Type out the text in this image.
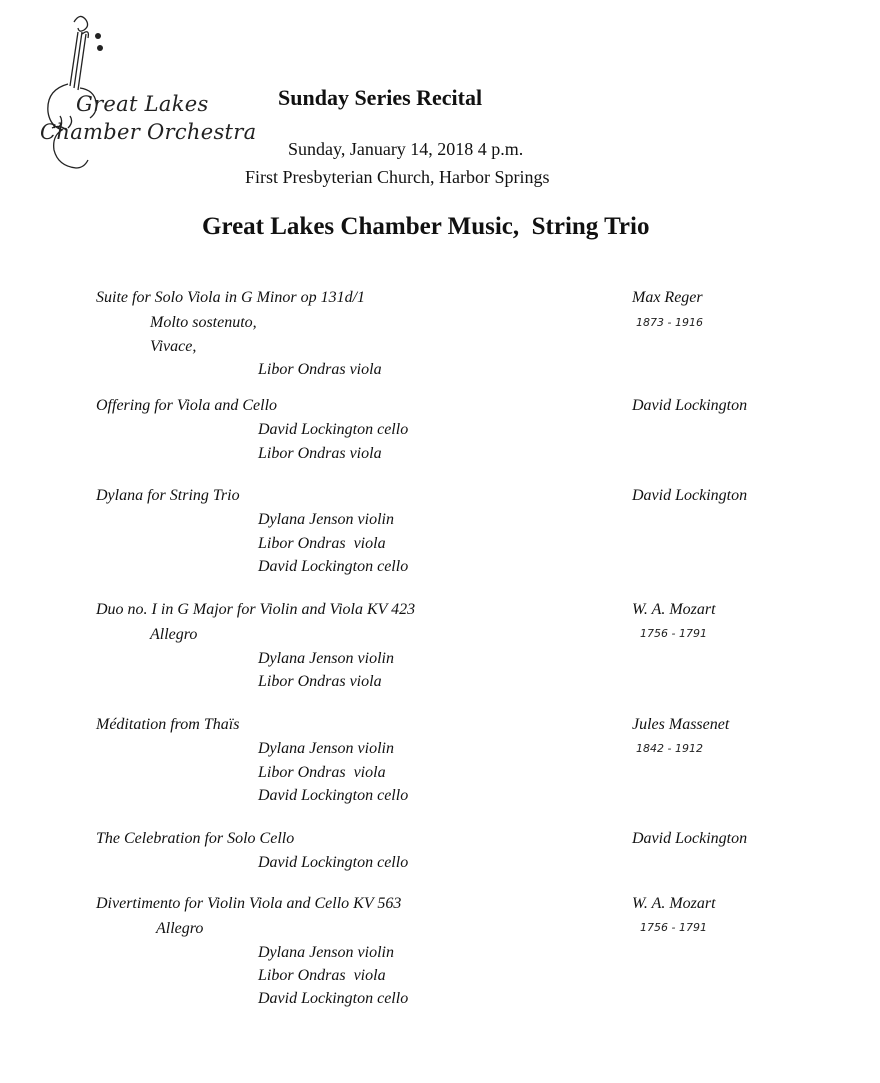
Great Lakes
Chamber Orchestra
Sunday Series Recital
Sunday, January 14, 2018 4 p.m.
First Presbyterian Church, Harbor Springs
Great Lakes Chamber Music,  String Trio
Suite for Solo Viola in G Minor op 131d/1	Max Reger
1873 - 1916
Molto sostenuto,
Vivace,
Libor Ondras viola
Offering for Viola and Cello	David Lockington
David Lockington cello
Libor Ondras viola
Dylana for String Trio	David Lockington
Dylana Jenson violin
Libor Ondras  viola
David Lockington cello
Duo no. I in G Major for Violin and Viola KV 423	W. A. Mozart
1756 - 1791
Allegro
Dylana Jenson violin
Libor Ondras viola
Méditation from Thaïs	Jules Massenet
1842 - 1912
Dylana Jenson violin
Libor Ondras  viola
David Lockington cello
The Celebration for Solo Cello	David Lockington
David Lockington cello
Divertimento for Violin Viola and Cello KV 563	W. A. Mozart
1756 - 1791
Allegro
Dylana Jenson violin
Libor Ondras  viola
David Lockington cello
